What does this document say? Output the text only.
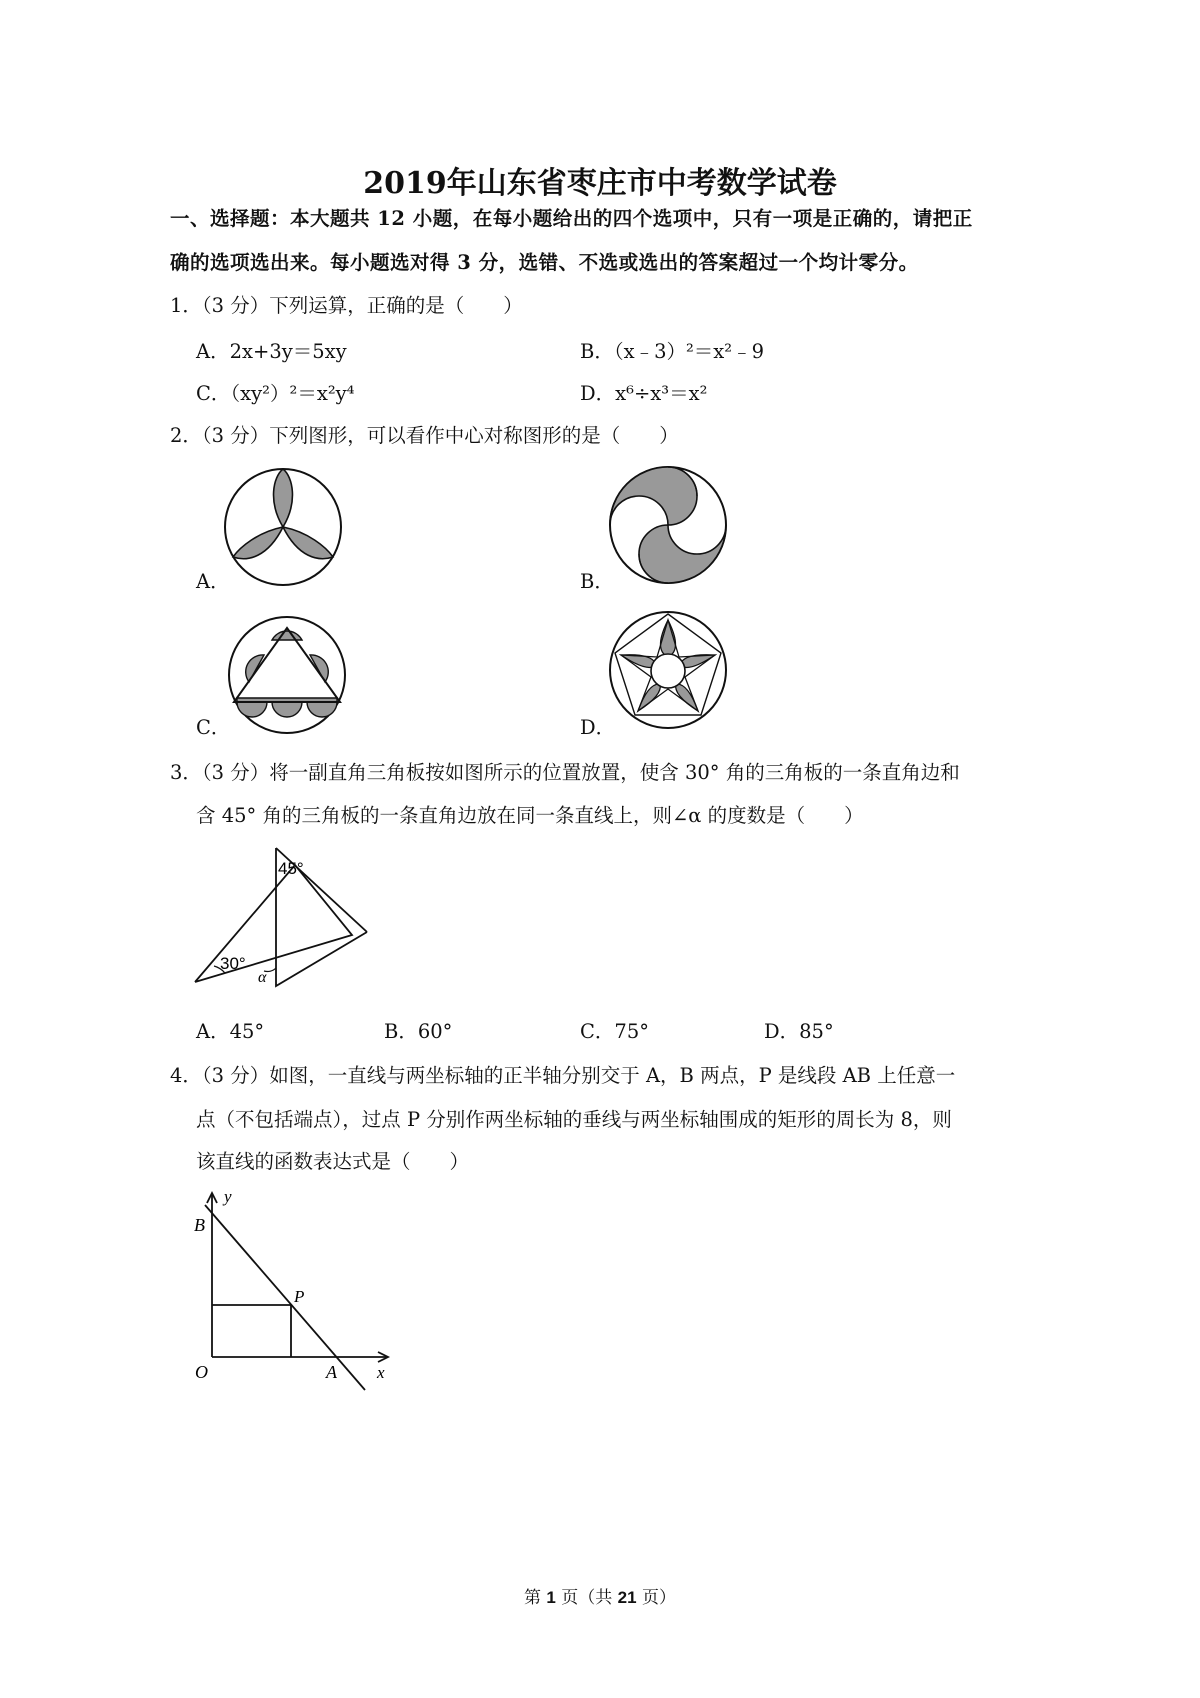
2019年山东省枣庄市中考数学试卷
一、选择题：本大题共 12 小题，在每小题给出的四个选项中，只有一项是正确的，请把正
确的选项选出来。每小题选对得 3 分，选错、不选或选出的答案超过一个均计零分。
1．（3 分）下列运算，正确的是（　　）
A．2x+3y＝5xy	B．（x﹣3）²＝x²﹣9
C．（xy²）²＝x²y⁴	D．x⁶÷x³＝x²
2．（3 分）下列图形，可以看作中心对称图形的是（　　）
A．	B．
C．	D．
3．（3 分）将一副直角三角板按如图所示的位置放置，使含 30° 角的三角板的一条直角边和
含 45° 角的三角板的一条直角边放在同一条直线上，则∠α 的度数是（　　）
45°
30°
α
A．45°	B．60°	C．75°	D．85°
4．（3 分）如图，一直线与两坐标轴的正半轴分别交于 A，B 两点，P 是线段 AB 上任意一
点（不包括端点），过点 P 分别作两坐标轴的垂线与两坐标轴围成的矩形的周长为 8，则
该直线的函数表达式是（　　）
y
x
B
P
O	A
第 1 页（共 21 页）
